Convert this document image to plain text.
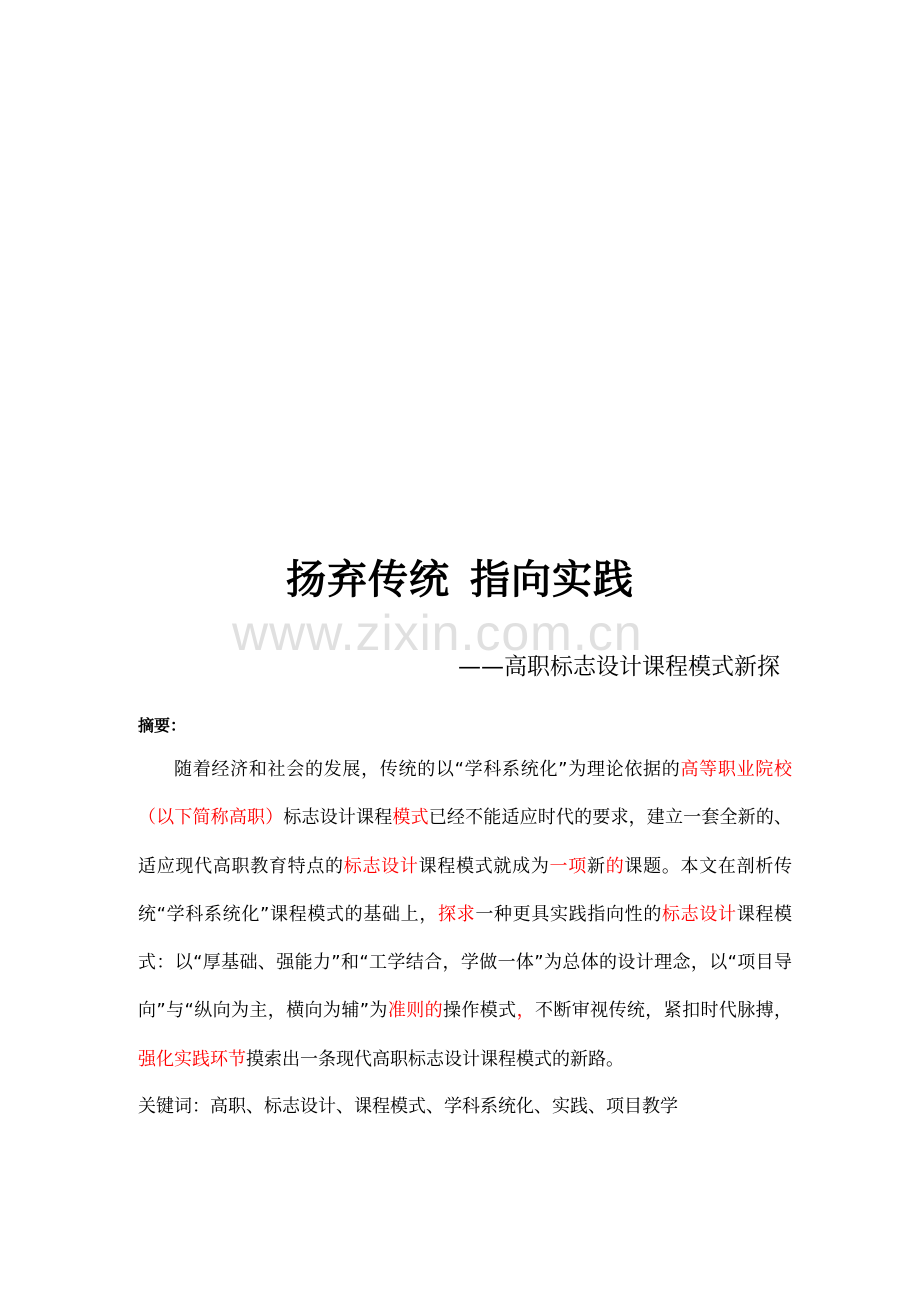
扬弃传统 指向实践
www.zixin.com.cn
——高职标志设计课程模式新探
摘要：
随着经济和社会的发展，传统的以“学科系统化”为理论依据的高等职业院校（以下简称高职）标志设计课程模式已经不能适应时代的要求，建立一套全新的、适应现代高职教育特点的标志设计课程模式就成为一项新的课题。本文在剖析传统“学科系统化”课程模式的基础上，探求一种更具实践指向性的标志设计课程模式：以“厚基础、强能力”和“工学结合，学做一体”为总体的设计理念，以“项目导向”与“纵向为主，横向为辅”为准则的操作模式，不断审视传统，紧扣时代脉搏，强化实践环节摸索出一条现代高职标志设计课程模式的新路。
关键词：高职、标志设计、课程模式、学科系统化、实践、项目教学
